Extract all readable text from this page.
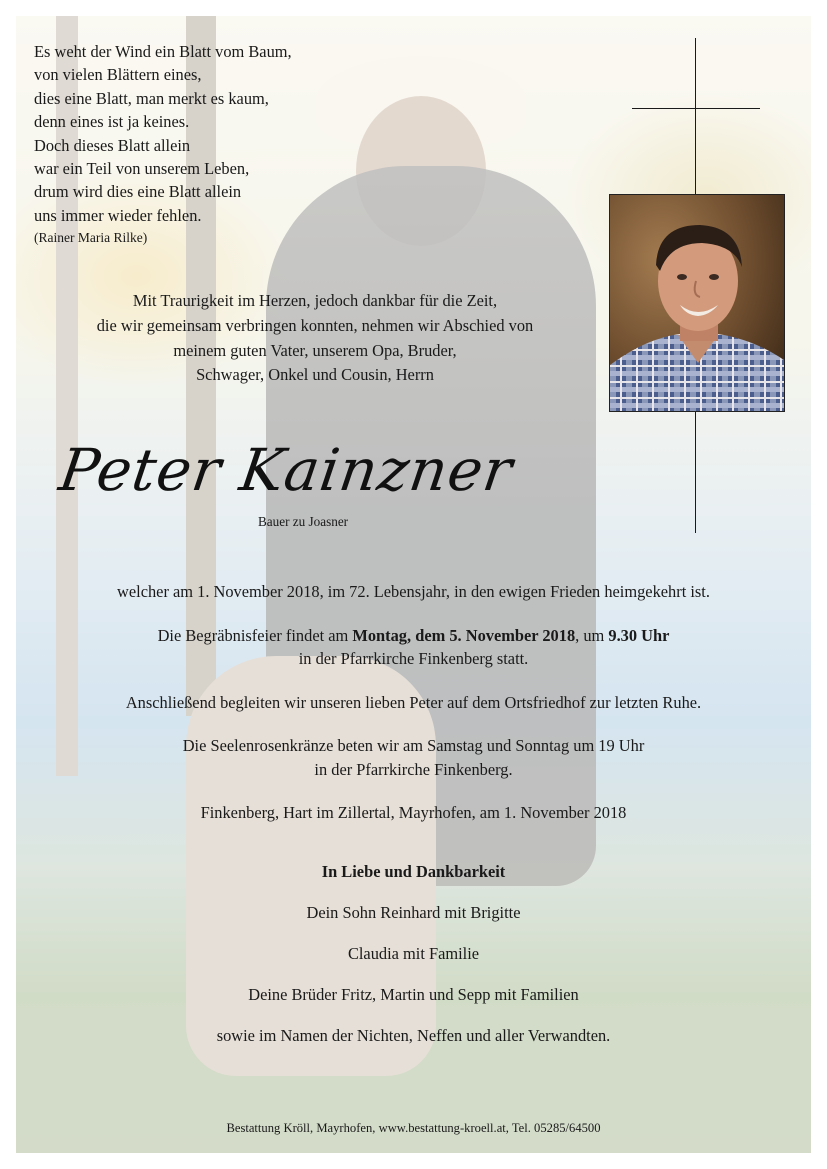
Es weht der Wind ein Blatt vom Baum,
von vielen Blättern eines,
dies eine Blatt, man merkt es kaum,
denn eines ist ja keines.
Doch dieses Blatt allein
war ein Teil von unserem Leben,
drum wird dies eine Blatt allein
uns immer wieder fehlen.
(Rainer Maria Rilke)
Mit Traurigkeit im Herzen, jedoch dankbar für die Zeit,
die wir gemeinsam verbringen konnten, nehmen wir Abschied von
meinem guten Vater, unserem Opa, Bruder,
Schwager, Onkel und Cousin, Herrn
Peter Kainzner
Bauer zu Joasner

welcher am 1. November 2018, im 72. Lebensjahr, in den ewigen Frieden heimgekehrt ist.

Die Begräbnisfeier findet am Montag, dem 5. November 2018, um 9.30 Uhr
in der Pfarrkirche Finkenberg statt.

Anschließend begleiten wir unseren lieben Peter auf dem Ortsfriedhof zur letzten Ruhe.

Die Seelenrosenkränze beten wir am Samstag und Sonntag um 19 Uhr
in der Pfarrkirche Finkenberg.

Finkenberg, Hart im Zillertal, Mayrhofen, am 1. November 2018

In Liebe und Dankbarkeit
Dein Sohn Reinhard mit Brigitte
Claudia mit Familie
Deine Brüder Fritz, Martin und Sepp mit Familien
sowie im Namen der Nichten, Neffen und aller Verwandten.
Bestattung Kröll, Mayrhofen, www.bestattung-kroell.at, Tel. 05285/64500
